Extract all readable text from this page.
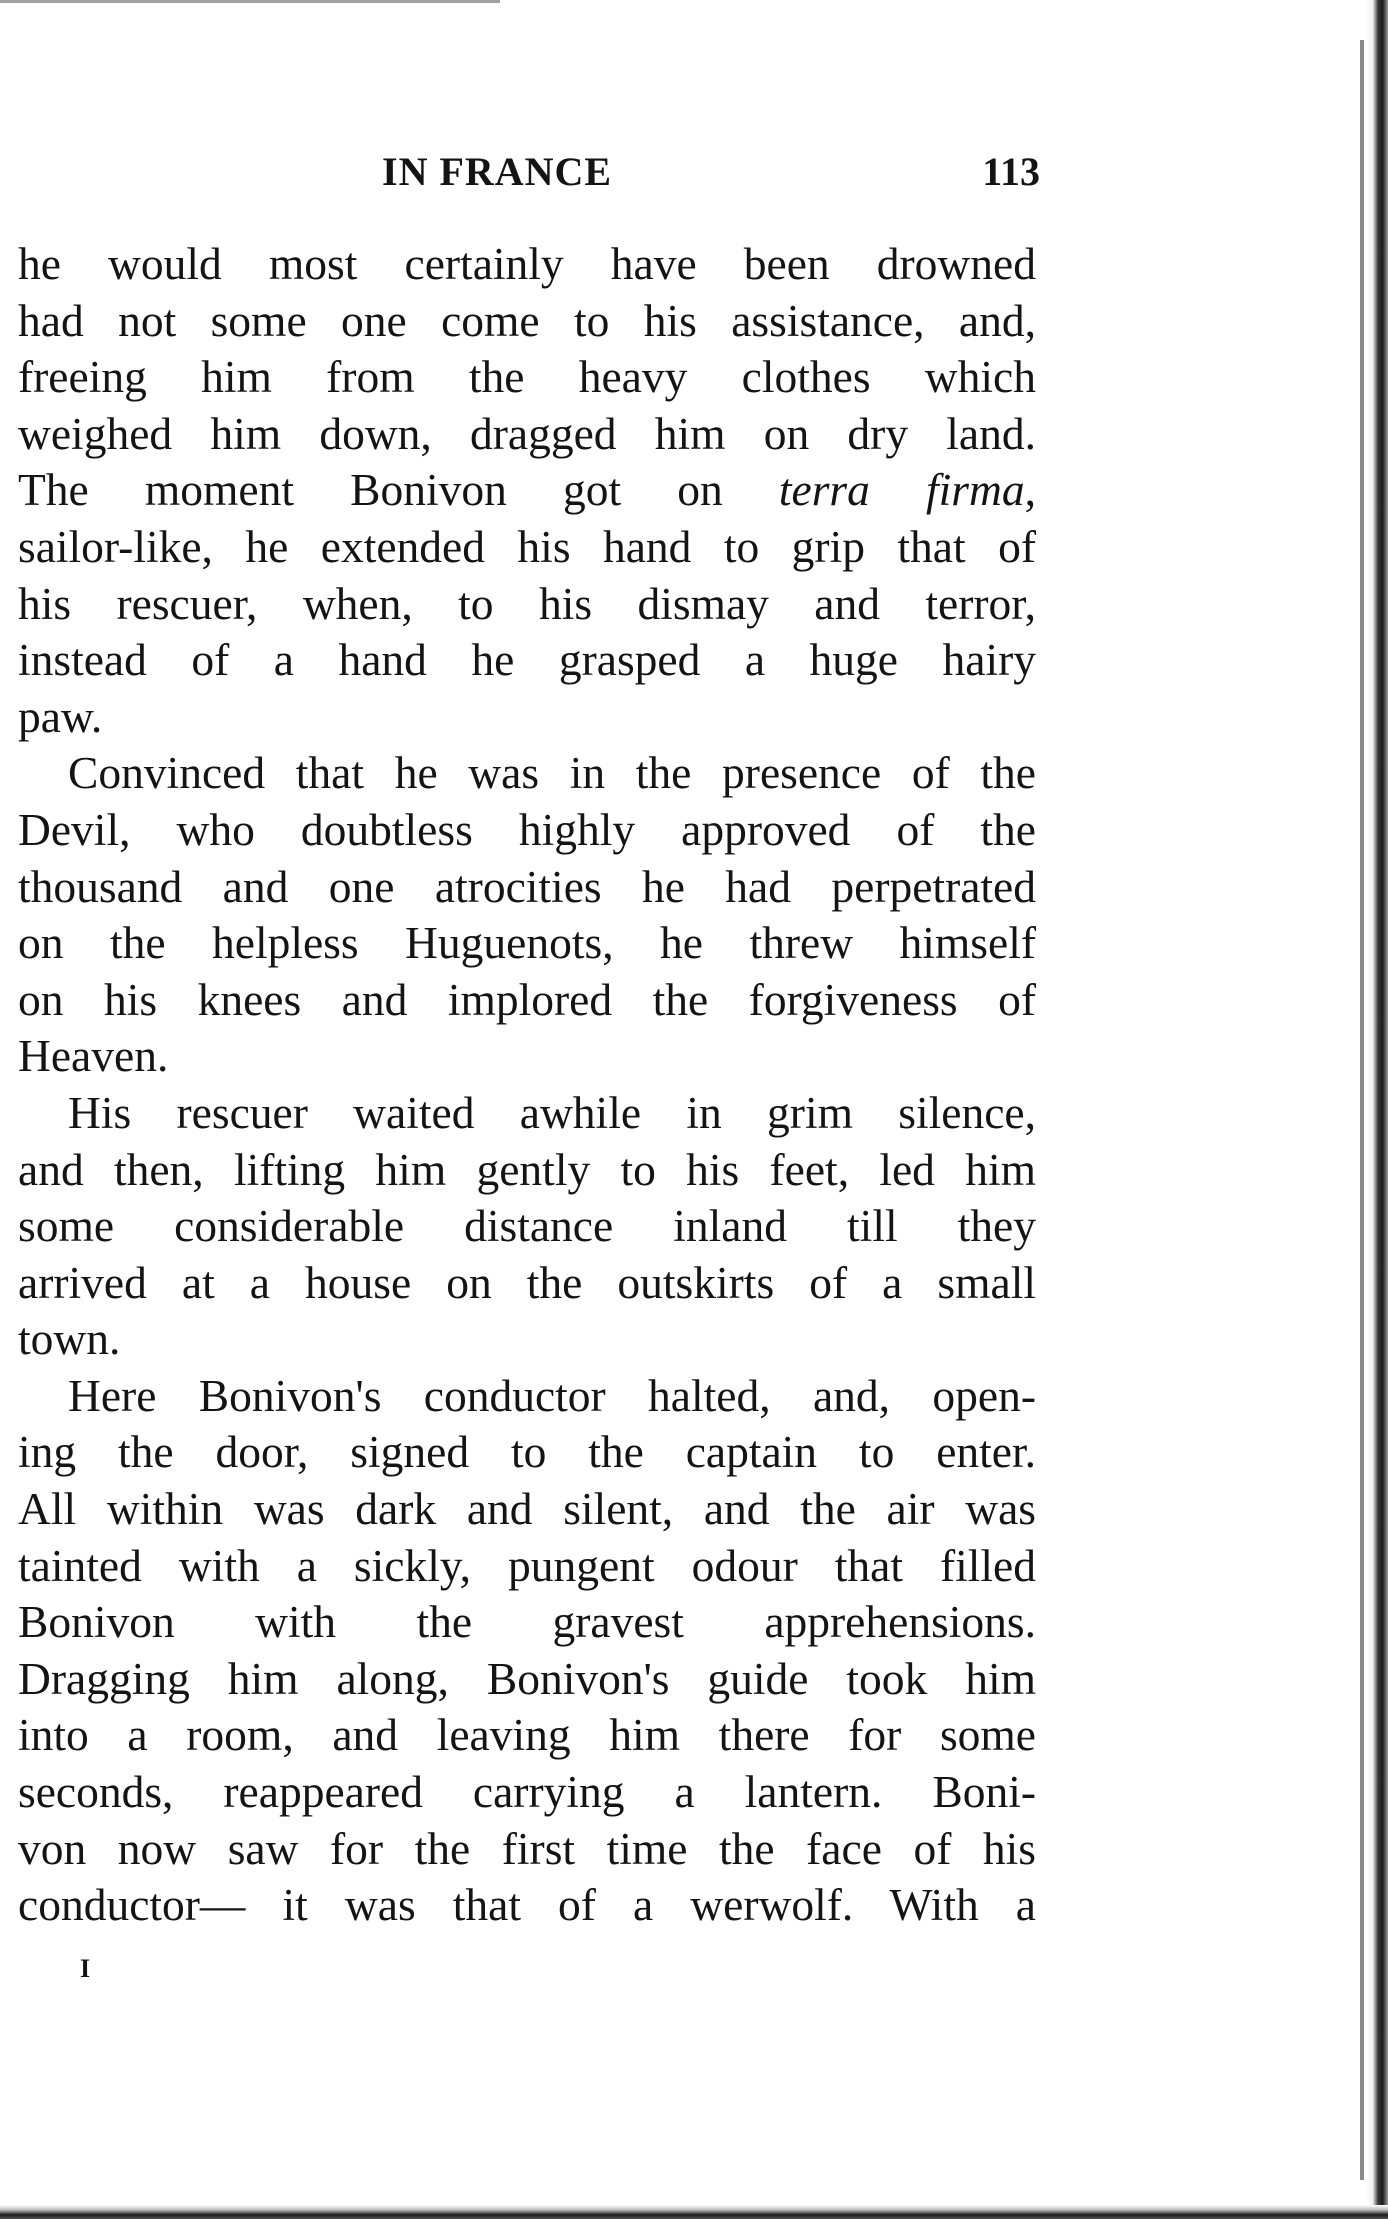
IN FRANCE	113
he would most certainly have been drowned
had not some one come to his assistance, and,
freeing him from the heavy clothes which
weighed him down, dragged him on dry land.
The moment Bonivon got on terra firma,
sailor-like, he extended his hand to grip that of
his rescuer, when, to his dismay and terror,
instead of a hand he grasped a huge hairy
paw.
Convinced that he was in the presence of the
Devil, who doubtless highly approved of the
thousand and one atrocities he had perpetrated
on the helpless Huguenots, he threw himself
on his knees and implored the forgiveness of
Heaven.
His rescuer waited awhile in grim silence,
and then, lifting him gently to his feet, led him
some considerable distance inland till they
arrived at a house on the outskirts of a small
town.
Here Bonivon's conductor halted, and, open-
ing the door, signed to the captain to enter.
All within was dark and silent, and the air was
tainted with a sickly, pungent odour that filled
Bonivon with the gravest apprehensions.
Dragging him along, Bonivon's guide took him
into a room, and leaving him there for some
seconds, reappeared carrying a lantern. Boni-
von now saw for the first time the face of his
conductor— it was that of a werwolf. With a
I
